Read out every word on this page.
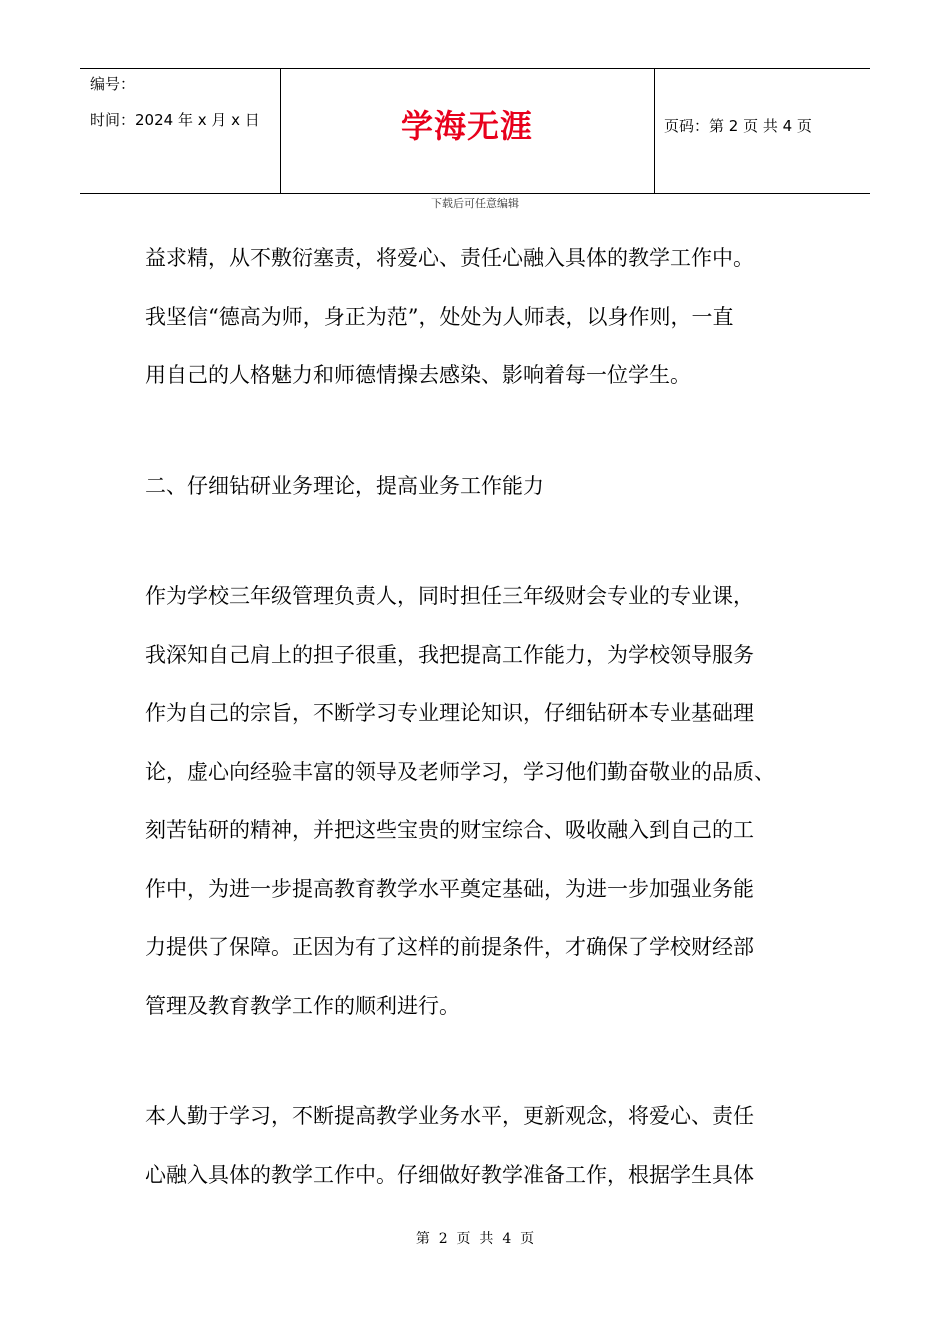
编号：
时间：2024 年 x 月 x 日	学海无涯	页码：第 2 页 共 4 页
下载后可任意编辑

益求精，从不敷衍塞责，将爱心、责任心融入具体的教学工作中。
我坚信“德高为师，身正为范”，处处为人师表，以身作则，一直
用自己的人格魅力和师德情操去感染、影响着每一位学生。

二、仔细钻研业务理论，提高业务工作能力

作为学校三年级管理负责人，同时担任三年级财会专业的专业课，
我深知自己肩上的担子很重，我把提高工作能力，为学校领导服务
作为自己的宗旨，不断学习专业理论知识，仔细钻研本专业基础理
论，虚心向经验丰富的领导及老师学习，学习他们勤奋敬业的品质、
刻苦钻研的精神，并把这些宝贵的财宝综合、吸收融入到自己的工
作中，为进一步提高教育教学水平奠定基础，为进一步加强业务能
力提供了保障。正因为有了这样的前提条件，才确保了学校财经部
管理及教育教学工作的顺利进行。

本人勤于学习，不断提高教学业务水平，更新观念，将爱心、责任
心融入具体的教学工作中。仔细做好教学准备工作，根据学生具体

第  2  页  共  4  页
